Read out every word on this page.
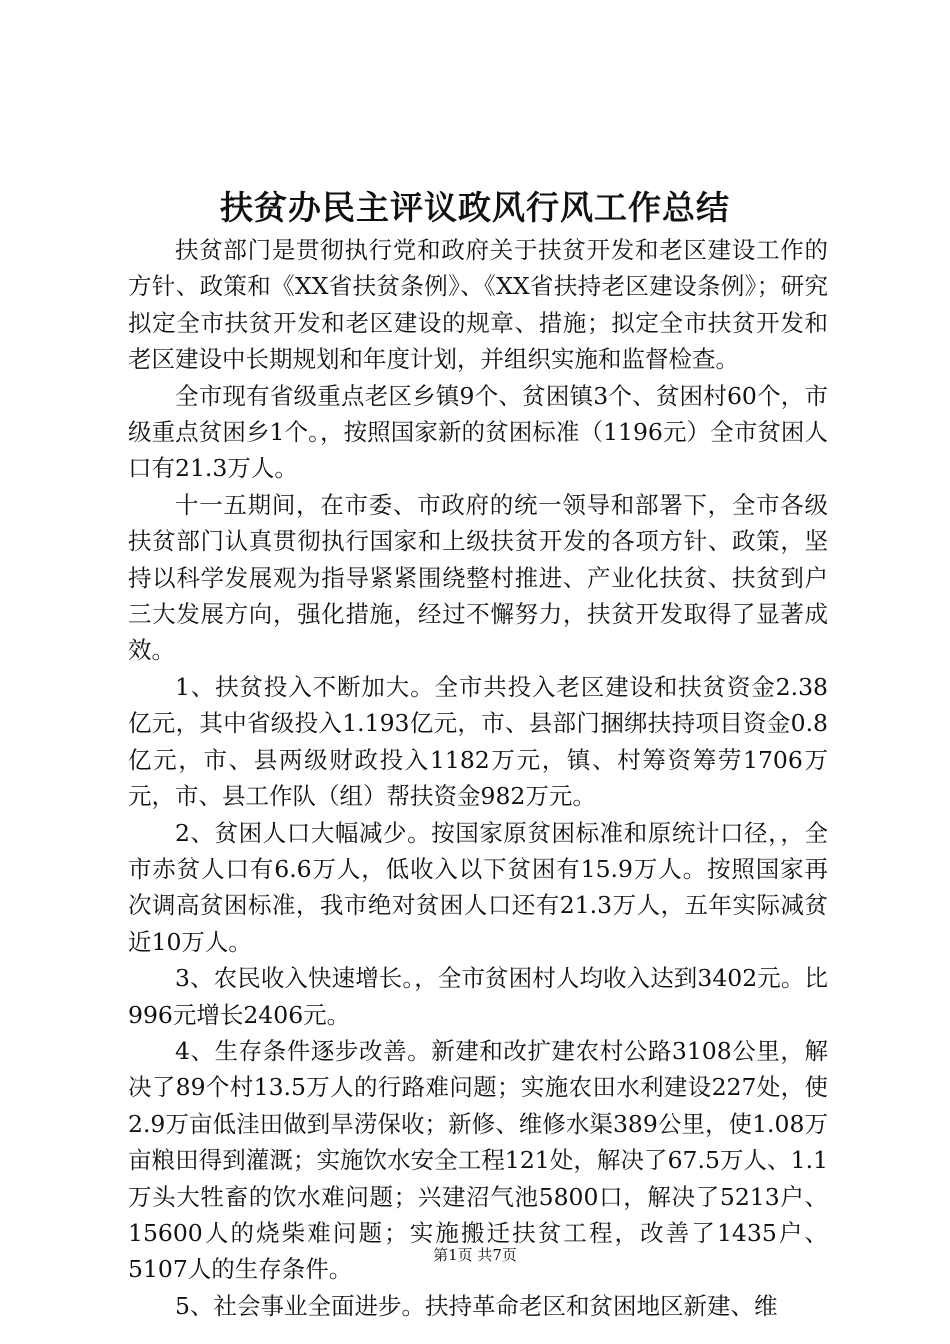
扶贫办民主评议政风行风工作总结

扶贫部门是贯彻执行党和政府关于扶贫开发和老区建设工作的方针、政策和《XX省扶贫条例》、《XX省扶持老区建设条例》；研究拟定全市扶贫开发和老区建设的规章、措施；拟定全市扶贫开发和老区建设中长期规划和年度计划，并组织实施和监督检查。

全市现有省级重点老区乡镇9个、贫困镇3个、贫困村60个，市级重点贫困乡1个。，按照国家新的贫困标准（1196元）全市贫困人口有21.3万人。

十一五期间，在市委、市政府的统一领导和部署下，全市各级扶贫部门认真贯彻执行国家和上级扶贫开发的各项方针、政策，坚持以科学发展观为指导紧紧围绕整村推进、产业化扶贫、扶贫到户三大发展方向，强化措施，经过不懈努力，扶贫开发取得了显著成效。

1、扶贫投入不断加大。全市共投入老区建设和扶贫资金2.38亿元，其中省级投入1.193亿元，市、县部门捆绑扶持项目资金0.8亿元，市、县两级财政投入1182万元，镇、村筹资筹劳1706万元，市、县工作队（组）帮扶资金982万元。

2、贫困人口大幅减少。按国家原贫困标准和原统计口径，，全市赤贫人口有6.6万人，低收入以下贫困有15.9万人。按照国家再次调高贫困标准，我市绝对贫困人口还有21.3万人，五年实际减贫近10万人。

3、农民收入快速增长。，全市贫困村人均收入达到3402元。比996元增长2406元。

4、生存条件逐步改善。新建和改扩建农村公路3108公里，解决了89个村13.5万人的行路难问题；实施农田水利建设227处，使2.9万亩低洼田做到旱涝保收；新修、维修水渠389公里，使1.08万亩粮田得到灌溉；实施饮水安全工程121处，解决了67.5万人、1.1万头大牲畜的饮水难问题；兴建沼气池5800口，解决了5213户、15600人的烧柴难问题；实施搬迁扶贫工程，改善了1435户、5107人的生存条件。

5、社会事业全面进步。扶持革命老区和贫困地区新建、维

第1页 共7页
